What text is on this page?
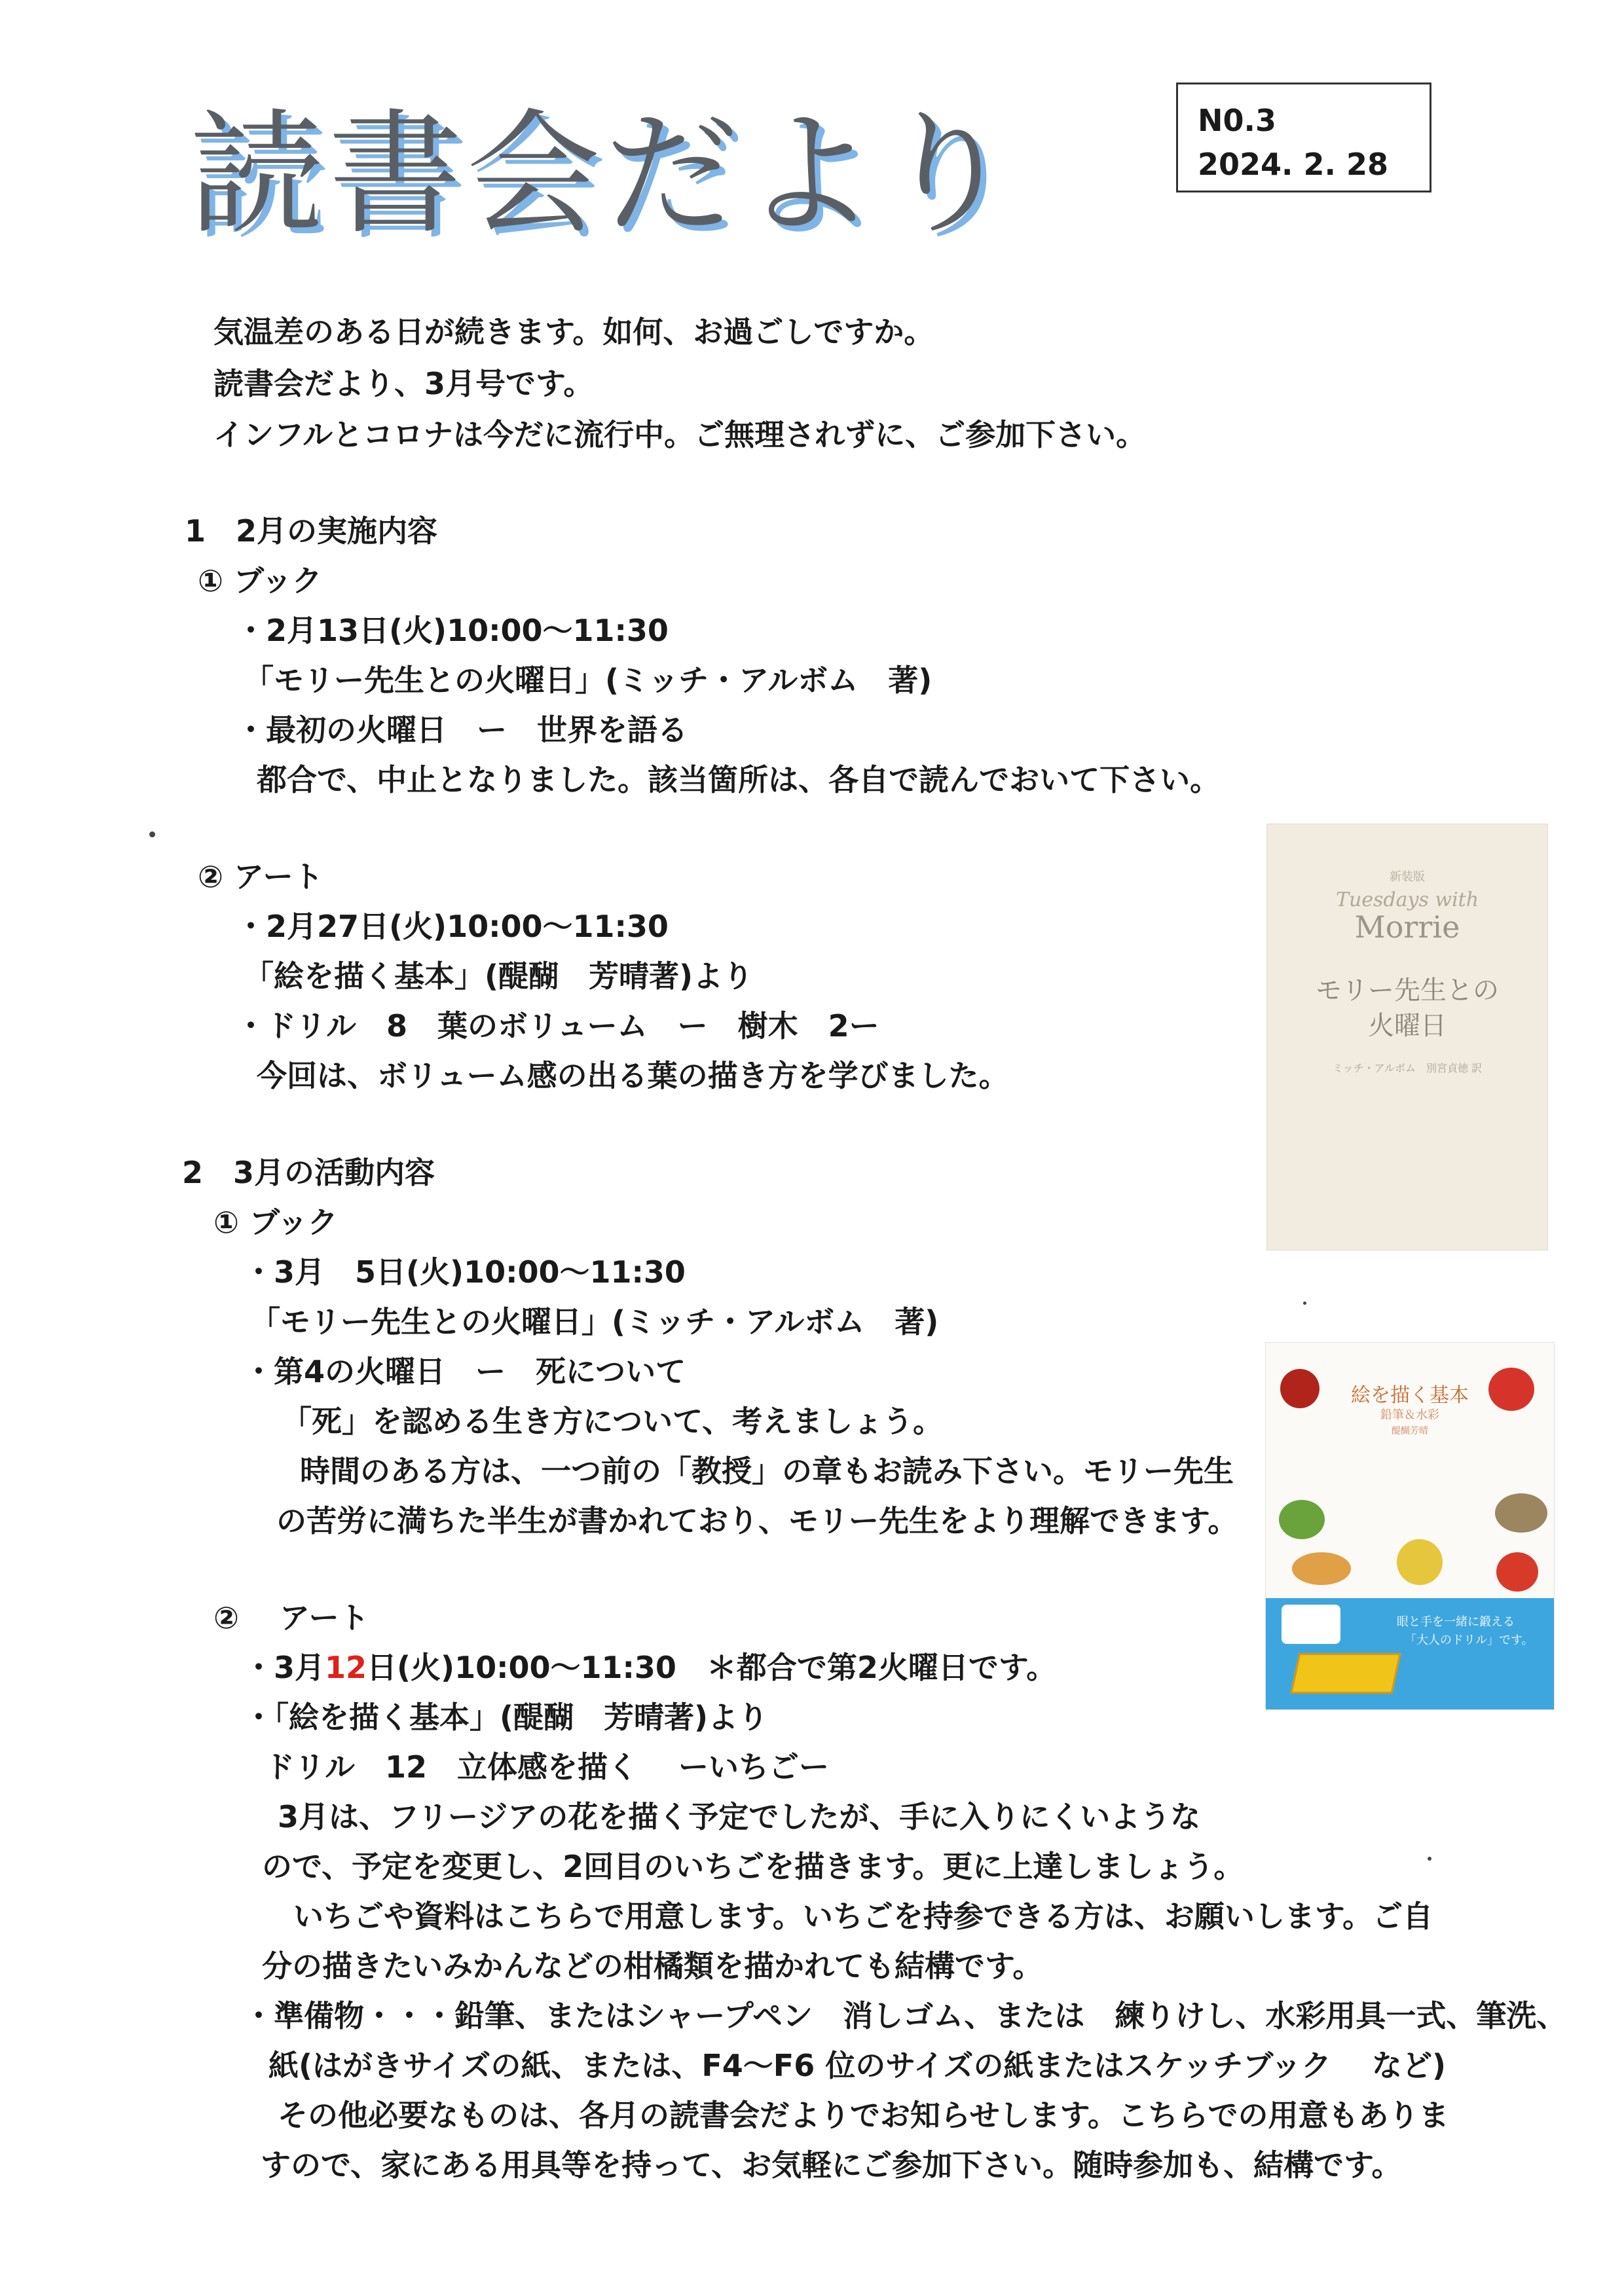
読書会だより	N0.3
2024. 2. 28
気温差のある日が続きます。如何、お過ごしですか。
読書会だより、3月号です。
インフルとコロナは今だに流行中。ご無理されずに、ご参加下さい。
1　2月の実施内容
① ブック
・2月13日(火)10:00～11:30
「モリー先生との火曜日」(ミッチ・アルボム　著)
・最初の火曜日　ー　世界を語る
都合で、中止となりました。該当箇所は、各自で読んでおいて下さい。
② アート
・2月27日(火)10:00～11:30
「絵を描く基本」(醍醐　芳晴著)より
・ドリル　8　葉のボリューム　ー　樹木　2ー
今回は、ボリューム感の出る葉の描き方を学びました。
2　3月の活動内容
① ブック
・3月　5日(火)10:00～11:30
「モリー先生との火曜日」(ミッチ・アルボム　著)
・第4の火曜日　ー　死について
「死」を認める生き方について、考えましょう。
時間のある方は、一つ前の「教授」の章もお読み下さい。モリー先生
の苦労に満ちた半生が書かれており、モリー先生をより理解できます。
②　 アート
・3月12日(火)10:00～11:30　＊都合で第2火曜日です。
・「絵を描く基本」(醍醐　芳晴著)より
ドリル　12　立体感を描く　 ーいちごー
3月は、フリージアの花を描く予定でしたが、手に入りにくいような
ので、予定を変更し、2回目のいちごを描きます。更に上達しましょう。
いちごや資料はこちらで用意します。いちごを持参できる方は、お願いします。ご自
分の描きたいみかんなどの柑橘類を描かれても結構です。
・準備物・・・鉛筆、またはシャープペン　消しゴム、または　練りけし、水彩用具一式、筆洗、
紙(はがきサイズの紙、または、F4～F6 位のサイズの紙またはスケッチブック　 など)
その他必要なものは、各月の読書会だよりでお知らせします。こちらでの用意もありま
すので、家にある用具等を持って、お気軽にご参加下さい。随時参加も、結構です。
新装版
Tuesdays with
Morrie
モリー先生との
火曜日
ミッチ・アルボム　別宮貞徳 訳
絵を描く基本
鉛筆＆水彩
醍醐芳晴
眼と手を一緒に鍛える
「大人のドリル」です。
